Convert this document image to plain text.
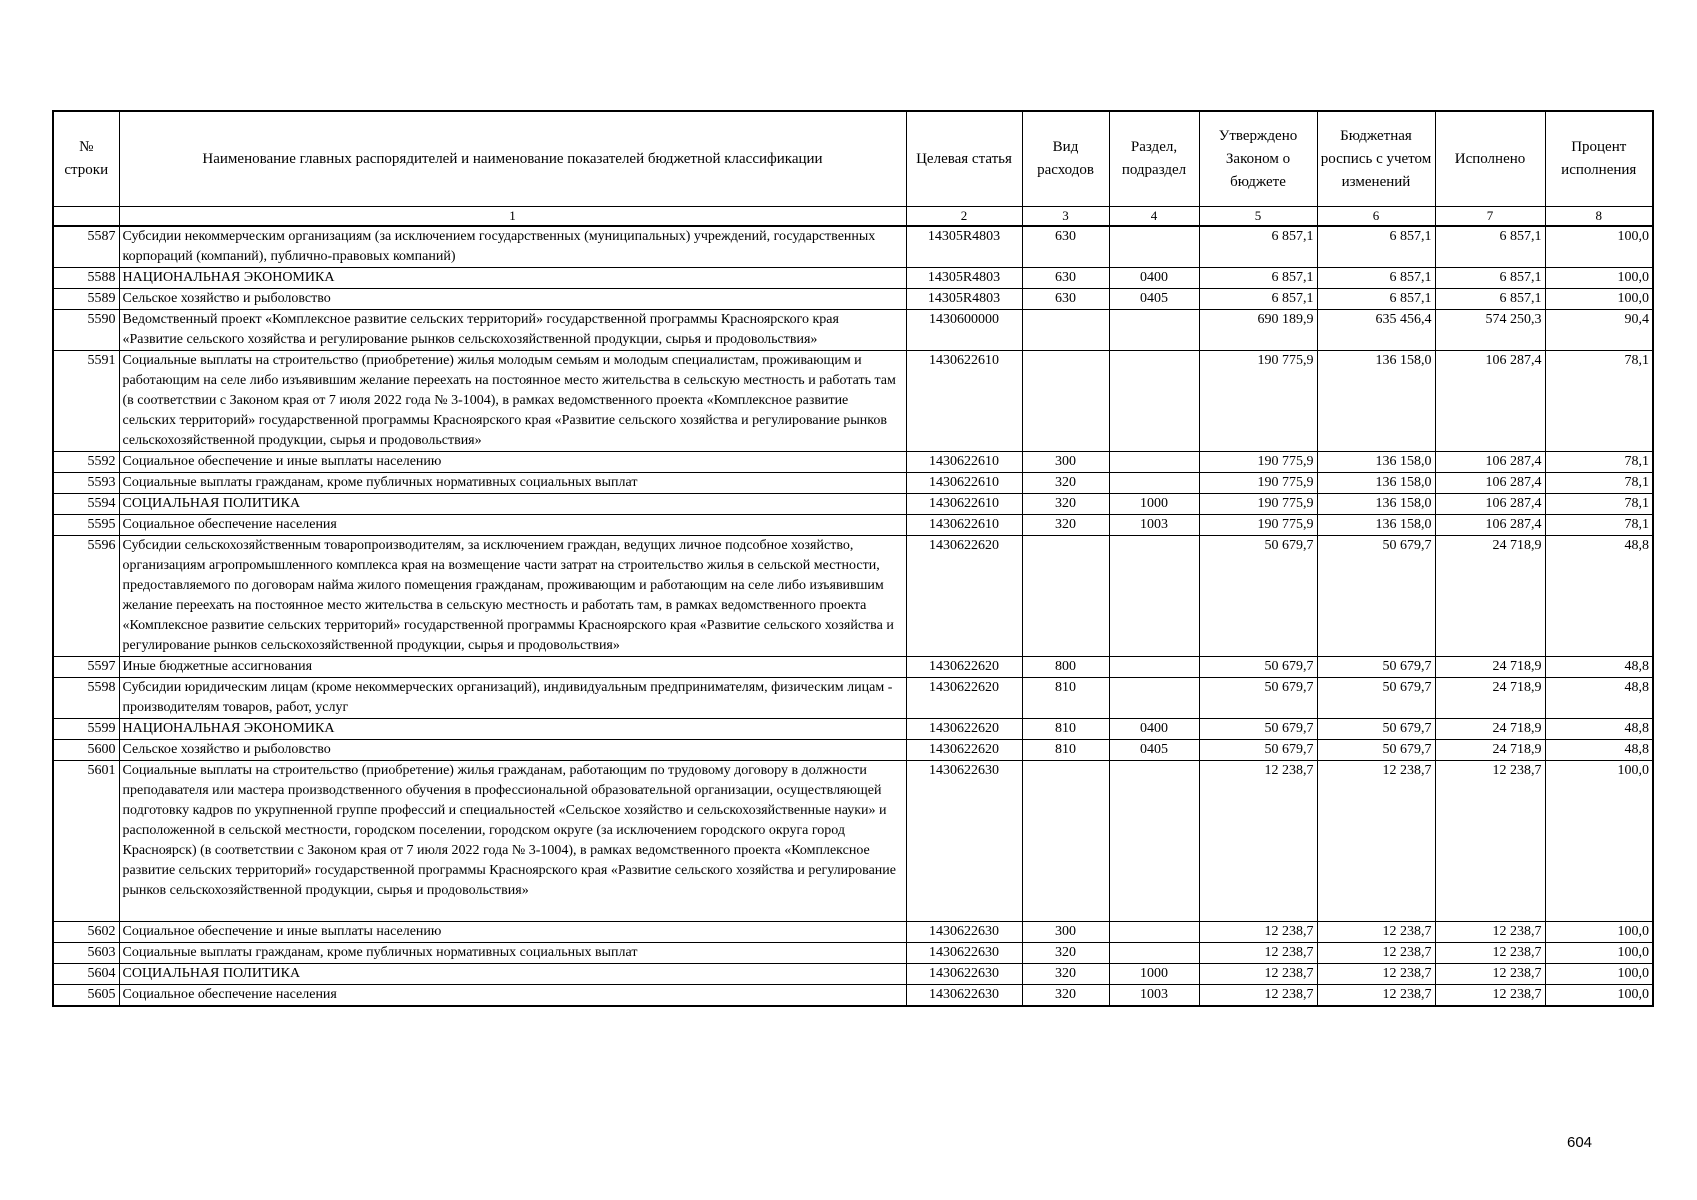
№ строки	Наименование главных распорядителей и наименование показателей бюджетной классификации	Целевая статья	Вид расходов	Раздел, подраздел	Утверждено Законом о бюджете	Бюджетная роспись с учетом изменений	Исполнено	Процент исполнения
	1	2	3	4	5	6	7	8
5587	Субсидии некоммерческим организациям (за исключением государственных (муниципальных) учреждений, государственных корпораций (компаний), публично-правовых компаний)	14305R4803	630		6 857,1	6 857,1	6 857,1	100,0
5588	НАЦИОНАЛЬНАЯ ЭКОНОМИКА	14305R4803	630	0400	6 857,1	6 857,1	6 857,1	100,0
5589	Сельское хозяйство и рыболовство	14305R4803	630	0405	6 857,1	6 857,1	6 857,1	100,0
5590	Ведомственный проект «Комплексное развитие сельских территорий» государственной программы Красноярского края «Развитие сельского хозяйства и регулирование рынков сельскохозяйственной продукции, сырья и продовольствия»	1430600000			690 189,9	635 456,4	574 250,3	90,4
5591	Социальные выплаты на строительство (приобретение) жилья молодым семьям и молодым специалистам, проживающим и работающим на селе либо изъявившим желание переехать на постоянное место жительства в сельскую местность и работать там (в соответствии с Законом края от 7 июля 2022 года № 3-1004), в рамках ведомственного проекта «Комплексное развитие сельских территорий» государственной программы Красноярского края «Развитие сельского хозяйства и регулирование рынков сельскохозяйственной продукции, сырья и продовольствия»	1430622610			190 775,9	136 158,0	106 287,4	78,1
5592	Социальное обеспечение и иные выплаты населению	1430622610	300		190 775,9	136 158,0	106 287,4	78,1
5593	Социальные выплаты гражданам, кроме публичных нормативных социальных выплат	1430622610	320		190 775,9	136 158,0	106 287,4	78,1
5594	СОЦИАЛЬНАЯ ПОЛИТИКА	1430622610	320	1000	190 775,9	136 158,0	106 287,4	78,1
5595	Социальное обеспечение населения	1430622610	320	1003	190 775,9	136 158,0	106 287,4	78,1
5596	Субсидии сельскохозяйственным товаропроизводителям, за исключением граждан, ведущих личное подсобное хозяйство, организациям агропромышленного комплекса края на возмещение части затрат на строительство жилья в сельской местности, предоставляемого по договорам найма жилого помещения гражданам, проживающим и работающим на селе либо изъявившим желание переехать на постоянное место жительства в сельскую местность и работать там, в рамках ведомственного проекта «Комплексное развитие сельских территорий» государственной программы Красноярского края «Развитие сельского хозяйства и регулирование рынков сельскохозяйственной продукции, сырья и продовольствия»	1430622620			50 679,7	50 679,7	24 718,9	48,8
5597	Иные бюджетные ассигнования	1430622620	800		50 679,7	50 679,7	24 718,9	48,8
5598	Субсидии юридическим лицам (кроме некоммерческих организаций), индивидуальным предпринимателям, физическим лицам - производителям товаров, работ, услуг	1430622620	810		50 679,7	50 679,7	24 718,9	48,8
5599	НАЦИОНАЛЬНАЯ ЭКОНОМИКА	1430622620	810	0400	50 679,7	50 679,7	24 718,9	48,8
5600	Сельское хозяйство и рыболовство	1430622620	810	0405	50 679,7	50 679,7	24 718,9	48,8
5601	Социальные выплаты на строительство (приобретение) жилья гражданам, работающим по трудовому договору в должности преподавателя или мастера производственного обучения в профессиональной образовательной организации, осуществляющей подготовку кадров по укрупненной группе профессий и специальностей «Сельское хозяйство и сельскохозяйственные науки» и расположенной в сельской местности, городском поселении, городском округе (за исключением городского округа город Красноярск) (в соответствии с Законом края от 7 июля 2022 года № 3-1004), в рамках ведомственного проекта «Комплексное развитие сельских территорий» государственной программы Красноярского края «Развитие сельского хозяйства и регулирование рынков сельскохозяйственной продукции, сырья и продовольствия»	1430622630			12 238,7	12 238,7	12 238,7	100,0
5602	Социальное обеспечение и иные выплаты населению	1430622630	300		12 238,7	12 238,7	12 238,7	100,0
5603	Социальные выплаты гражданам, кроме публичных нормативных социальных выплат	1430622630	320		12 238,7	12 238,7	12 238,7	100,0
5604	СОЦИАЛЬНАЯ ПОЛИТИКА	1430622630	320	1000	12 238,7	12 238,7	12 238,7	100,0
5605	Социальное обеспечение населения	1430622630	320	1003	12 238,7	12 238,7	12 238,7	100,0
604
